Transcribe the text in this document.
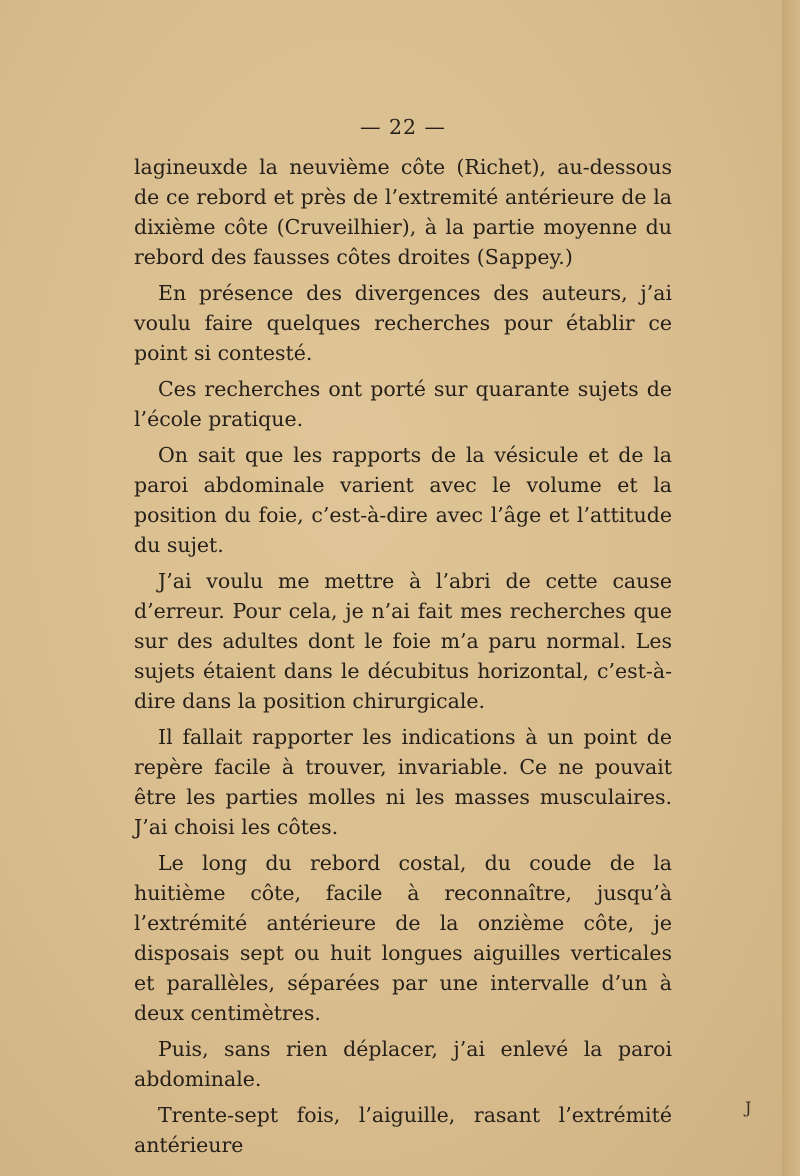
— 22 —

lagineuxde la neuvième côte (Richet), au-dessous de ce rebord et près de l’extremité antérieure de la dixième côte (Cruveilhier), à la partie moyenne du rebord des fausses côtes droites (Sappey.)

En présence des divergences des auteurs, j’ai voulu faire quelques recherches pour établir ce point si contesté.

Ces recherches ont porté sur quarante sujets de l’école pratique.

On sait que les rapports de la vésicule et de la paroi abdominale varient avec le volume et la position du foie, c’est-à-dire avec l’âge et l’attitude du sujet.

J’ai voulu me mettre à l’abri de cette cause d’erreur. Pour cela, je n’ai fait mes recherches que sur des adultes dont le foie m’a paru normal. Les sujets étaient dans le décubitus horizontal, c’est-à-dire dans la position chirurgicale.

Il fallait rapporter les indications à un point de repère facile à trouver, invariable. Ce ne pouvait être les parties molles ni les masses musculaires. J’ai choisi les côtes.

Le long du rebord costal, du coude de la huitième côte, facile à reconnaître, jusqu’à l’extrémité antérieure de la onzième côte, je disposais sept ou huit longues aiguilles verticales et parallèles, séparées par une intervalle d’un à deux centimètres.

Puis, sans rien déplacer, j’ai enlevé la paroi abdominale.

Trente-sept fois, l’aiguille, rasant l’extrémité antérieure

J
